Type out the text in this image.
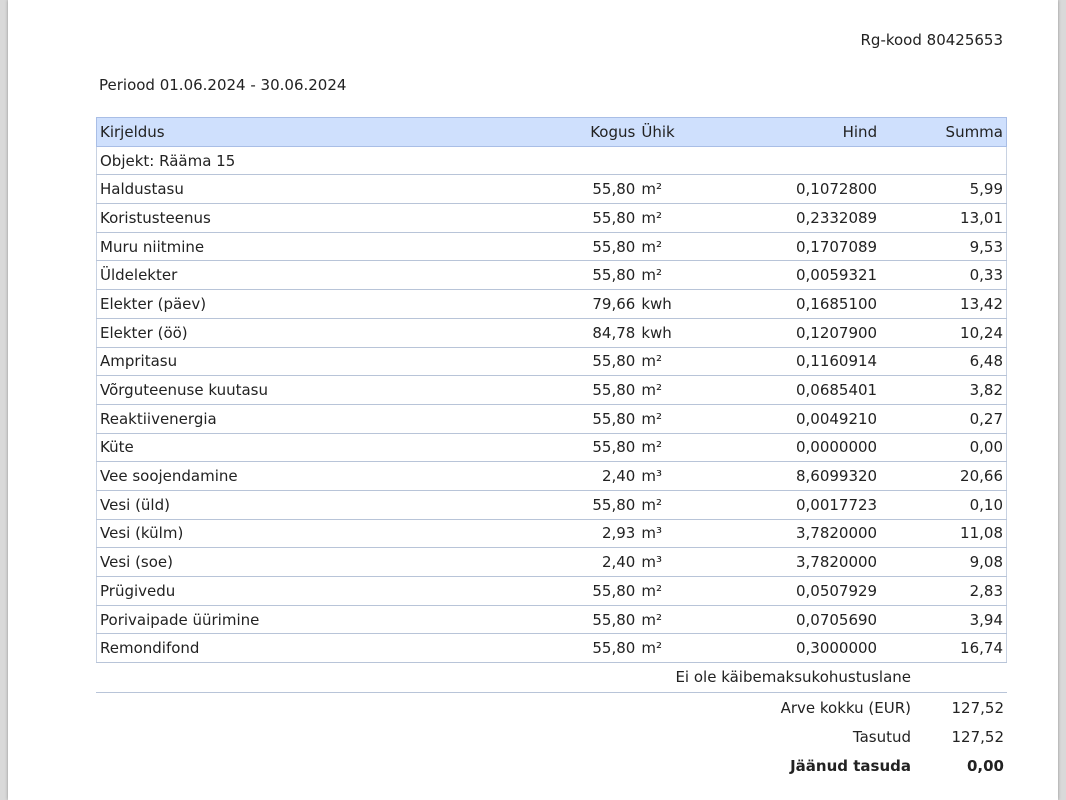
Rg-kood 80425653
Periood 01.06.2024 - 30.06.2024
Kirjeldus	Kogus	Ühik	Hind	Summa
Objekt: Rääma 15				
Haldustasu	55,80	m²	0,1072800	5,99
Koristusteenus	55,80	m²	0,2332089	13,01
Muru niitmine	55,80	m²	0,1707089	9,53
Üldelekter	55,80	m²	0,0059321	0,33
Elekter (päev)	79,66	kwh	0,1685100	13,42
Elekter (öö)	84,78	kwh	0,1207900	10,24
Ampritasu	55,80	m²	0,1160914	6,48
Võrguteenuse kuutasu	55,80	m²	0,0685401	3,82
Reaktiivenergia	55,80	m²	0,0049210	0,27
Küte	55,80	m²	0,0000000	0,00
Vee soojendamine	2,40	m³	8,6099320	20,66
Vesi (üld)	55,80	m²	0,0017723	0,10
Vesi (külm)	2,93	m³	3,7820000	11,08
Vesi (soe)	2,40	m³	3,7820000	9,08
Prügivedu	55,80	m²	0,0507929	2,83
Porivaipade üürimine	55,80	m²	0,0705690	3,94
Remondifond	55,80	m²	0,3000000	16,74
Ei ole käibemaksukohustuslane
Arve kokku (EUR)	127,52
Tasutud	127,52
Jäänud tasuda	0,00
